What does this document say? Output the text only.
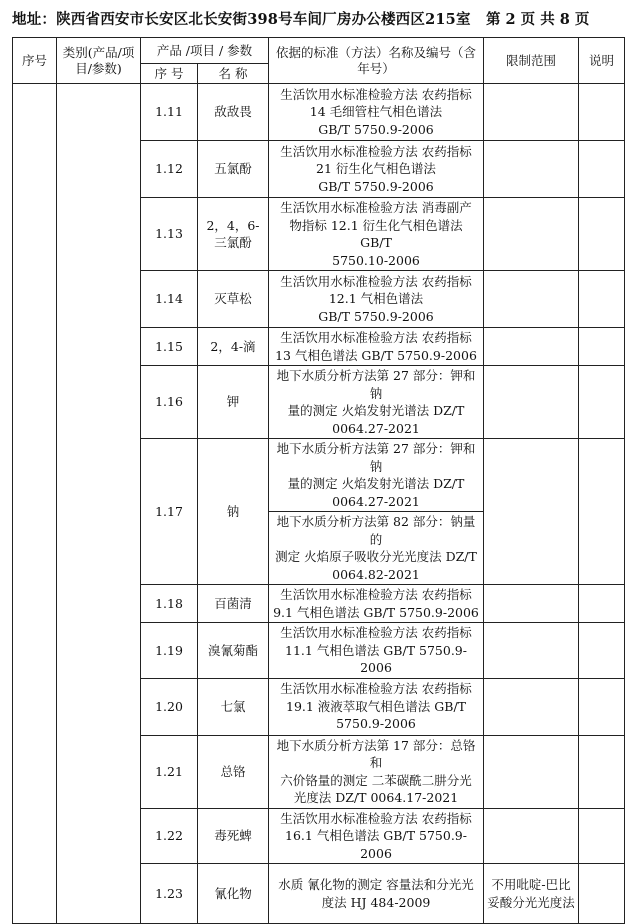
地址：陕西省西安市长安区北长安街398号车间厂房办公楼西区215室 第 2 页 共 8 页
序号	类别(产品/项目/参数)	产品 /项目 / 参数		依据的标准（方法）名称及编号（含年号）	限制范围	说明
		序 号	名 称			
		1.11	敌敌畏	生活饮用水标准检验方法 农药指标
14 毛细管柱气相色谱法
GB/T 5750.9-2006		

		1.12	五氯酚	生活饮用水标准检验方法 农药指标
21 衍生化气相色谱法
GB/T 5750.9-2006		

		1.13	2，4，6-三氯酚	生活饮用水标准检验方法 消毒副产
物指标 12.1 衍生化气相色谱法 GB/T
5750.10-2006		

		1.14	灭草松	生活饮用水标准检验方法 农药指标
12.1 气相色谱法
GB/T 5750.9-2006		

		1.15	2，4-滴	生活饮用水标准检验方法 农药指标
13 气相色谱法 GB/T 5750.9-2006		

		1.16	钾	地下水质分析方法第 27 部分：钾和钠
量的测定 火焰发射光谱法 DZ/T
0064.27-2021		

		1.17	钠	地下水质分析方法第 27 部分：钾和钠
量的测定 火焰发射光谱法 DZ/T
0064.27-2021		

				地下水质分析方法第 82 部分：钠量的
测定 火焰原子吸收分光光度法 DZ/T
0064.82-2021		

		1.18	百菌清	生活饮用水标准检验方法 农药指标
9.1 气相色谱法 GB/T 5750.9-2006		

		1.19	溴氰菊酯	生活饮用水标准检验方法 农药指标
11.1 气相色谱法 GB/T 5750.9-2006		

		1.20	七氯	生活饮用水标准检验方法 农药指标
19.1 液液萃取气相色谱法 GB/T
5750.9-2006		

		1.21	总铬	地下水质分析方法第 17 部分：总铬和
六价铬量的测定 二苯碳酰二肼分光
光度法 DZ/T 0064.17-2021		

		1.22	毒死蜱	生活饮用水标准检验方法 农药指标
16.1 气相色谱法 GB/T 5750.9-2006		

		1.23	氰化物	水质 氰化物的测定 容量法和分光光
度法 HJ 484-2009	不用吡啶-巴比妥酸分光光度法	
